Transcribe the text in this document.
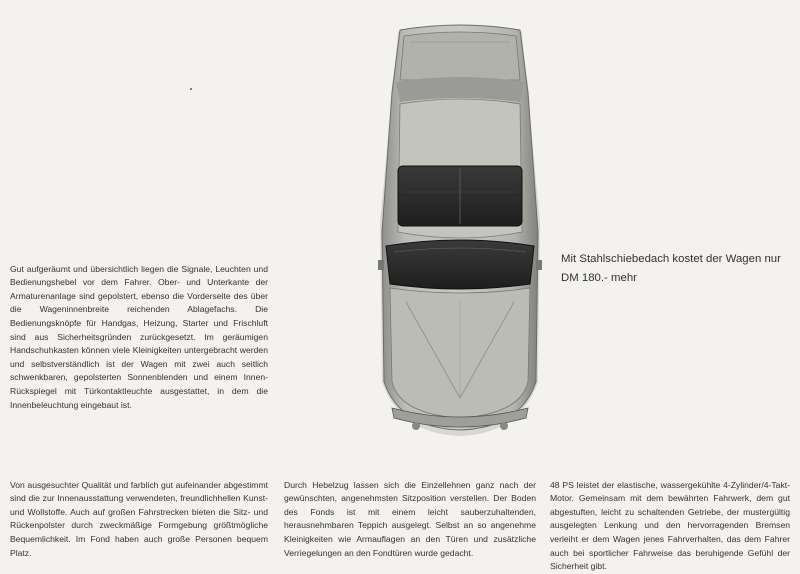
Gut aufgeräumt und übersichtlich liegen die Signale, Leuchten und Bedienungshebel vor dem Fahrer. Ober- und Unterkante der Armaturenanlage sind gepolstert, ebenso die Vorderseite des über die Wageninnenbreite reichenden Ablagefachs. Die Bedienungsknöpfe für Handgas, Heizung, Starter und Frischluft sind aus Sicherheitsgründen zurückgesetzt. Im geräumigen Handschuhkasten können viele Kleinigkeiten untergebracht werden und selbstverständlich ist der Wagen mit zwei auch seitlich schwenkbaren, gepolsterten Sonnenblenden und einem Innen-Rückspiegel mit Türkontaktleuchte ausgestattet, in dem die Innenbeleuchtung eingebaut ist.

Mit Stahlschiebedach kostet der Wagen nur
DM 180.- mehr

Von ausgesuchter Qualität und farblich gut aufeinander abgestimmt sind die zur Innenausstattung verwendeten, freundlichhellen Kunst- und Wollstoffe. Auch auf großen Fahrstrecken bieten die Sitz- und Rückenpolster durch zweckmäßige Formgebung größtmögliche Bequemlichkeit. Im Fond haben auch große Personen bequem Platz.

Durch Hebelzug lassen sich die Einzellehnen ganz nach der gewünschten, angenehmsten Sitzposition verstellen. Der Boden des Fonds ist mit einem leicht sauberzuhaltenden, herausnehmbaren Teppich ausgelegt. Selbst an so angenehme Kleinigkeiten wie Armauflagen an den Türen und zusätzliche Verriegelungen an den Fondtüren wurde gedacht.

48 PS leistet der elastische, wassergekühlte 4-Zylinder/4-Takt-Motor. Gemeinsam mit dem bewährten Fahrwerk, dem gut abgestuften, leicht zu schaltenden Getriebe, der mustergültig ausgelegten Lenkung und den hervorragenden Bremsen verleiht er dem Wagen jenes Fahrverhalten, das dem Fahrer auch bei sportlicher Fahrweise das beruhigende Gefühl der Sicherheit gibt.
